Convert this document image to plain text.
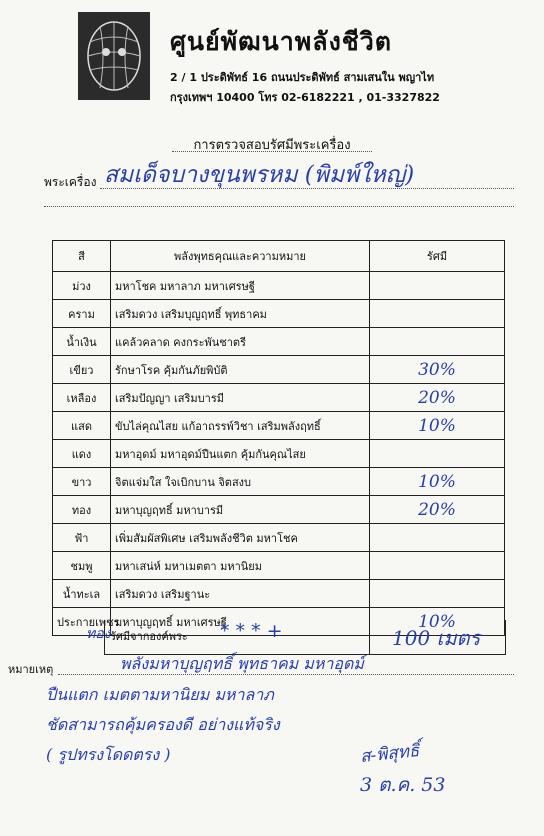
ศูนย์พัฒนาพลังชีวิต
2 / 1 ประดิพัทธ์ 16 ถนนประดิพัทธ์ สามเสนใน พญาไท
กรุงเทพฯ 10400 โทร 02-6182221 , 01-3327822
การตรวจสอบรัศมีพระเครื่อง
พระเครื่อง สมเด็จบางขุนพรหม (พิมพ์ใหญ่)
สี	พลังพุทธคุณและความหมาย	รัศมี
ม่วง	มหาโชค มหาลาภ มหาเศรษฐี	
คราม	เสริมดวง เสริมบุญฤทธิ์ พุทธาคม	
น้ำเงิน	แคล้วคลาด คงกระพันชาตรี	
เขียว	รักษาโรค คุ้มกันภัยพิบัติ	30%
เหลือง	เสริมปัญญา เสริมบารมี	20%
แสด	ขับไล่คุณไสย แก้อาถรรพ์วิชา เสริมพลังฤทธิ์	10%
แดง	มหาอุดม์ มหาอุดม์ปืนแตก คุ้มกันคุณไสย	
ขาว	จิตแจ่มใส ใจเบิกบาน จิตสงบ	10%
ทอง	มหาบุญฤทธิ์ มหาบารมี	20%
ฟ้า	เพิ่มสัมผัสพิเศษ เสริมพลังชีวิต มหาโชค	
ชมพู	มหาเสน่ห์ มหาเมตตา มหานิยม	
น้ำทะเล	เสริมดวง เสริมฐานะ	
ประกายเพชร	มหาบุญฤทธิ์ มหาเศรษฐี	10%
ทอง รัศมีจากองค์พระ * * * +	100 เมตร
หมายเหตุ	พลังมหาบุญฤทธิ์ พุทธาคม มหาอุดม์
ปืนแตก เมตตามหานิยม มหาลาภ
ชัดสามารถคุ้มครองดี อย่างแท้จริง
( รูปทรงโดดตรง )	ส-พิสุทธิ์
3 ต.ค. 53
